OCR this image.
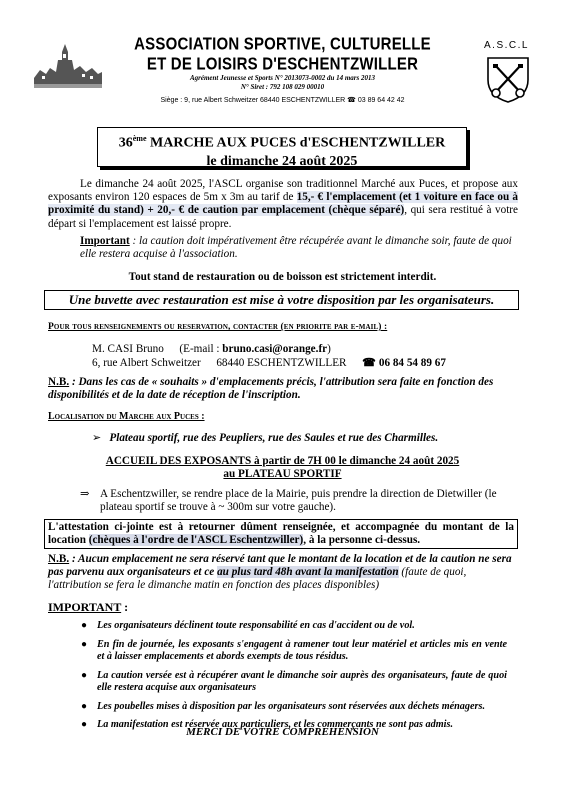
ASSOCIATION SPORTIVE, CULTURELLE
ET DE LOISIRS D'ESCHENTZWILLER
Agrément Jeunesse et Sports N° 2013073-0002 du 14 mars 2013
N° Siret : 792 108 029 00010
Siège : 9, rue Albert Schweitzer 68440 ESCHENTZWILLER ☎ 03 89 64 42 42
A.S.C.L
36ème MARCHE AUX PUCES d'ESCHENTZWILLER
le dimanche 24 août 2025
Le dimanche 24 août 2025, l'ASCL organise son traditionnel Marché aux Puces, et propose aux exposants environ 120 espaces de 5m x 3m au tarif de 15,- € l'emplacement (et 1 voiture en face ou à proximité du stand) + 20,- € de caution par emplacement (chèque séparé), qui sera restitué à votre départ si l'emplacement est laissé propre.
Important : la caution doit impérativement être récupérée avant le dimanche soir, faute de quoi elle restera acquise à l'association.
Tout stand de restauration ou de boisson est strictement interdit.
Une buvette avec restauration est mise à votre disposition par les organisateurs.
Pour tous renseignements ou reservation, contacter (en priorite par e-mail) :
M. CASI Bruno (E-mail : bruno.casi@orange.fr)
6, rue Albert Schweitzer 68440 ESCHENTZWILLER ☎ 06 84 54 89 67
N.B. : Dans les cas de « souhaits » d'emplacements précis, l'attribution sera faite en fonction des disponibilités et de la date de réception de l'inscription.
Localisation du Marche aux Puces :
➢ Plateau sportif, rue des Peupliers, rue des Saules et rue des Charmilles.
ACCUEIL DES EXPOSANTS à partir de 7H 00 le dimanche 24 août 2025
au PLATEAU SPORTIF
⇒ A Eschentzwiller, se rendre place de la Mairie, puis prendre la direction de Dietwiller (le plateau sportif se trouve à ~ 300m sur votre gauche).
L'attestation ci-jointe est à retourner dûment renseignée, et accompagnée du montant de la location (chèques à l'ordre de l'ASCL Eschentzwiller), à la personne ci-dessus.
N.B. : Aucun emplacement ne sera réservé tant que le montant de la location et de la caution ne sera pas parvenu aux organisateurs et ce au plus tard 48h avant la manifestation (faute de quoi, l'attribution se fera le dimanche matin en fonction des places disponibles)
IMPORTANT :
● Les organisateurs déclinent toute responsabilité en cas d'accident ou de vol.
● En fin de journée, les exposants s'engagent à ramener tout leur matériel et articles mis en vente et à laisser emplacements et abords exempts de tous résidus.
● La caution versée est à récupérer avant le dimanche soir auprès des organisateurs, faute de quoi elle restera acquise aux organisateurs
● Les poubelles mises à disposition par les organisateurs sont réservées aux déchets ménagers.
● La manifestation est réservée aux particuliers, et les commerçants ne sont pas admis.
MERCI DE VOTRE COMPREHENSION
